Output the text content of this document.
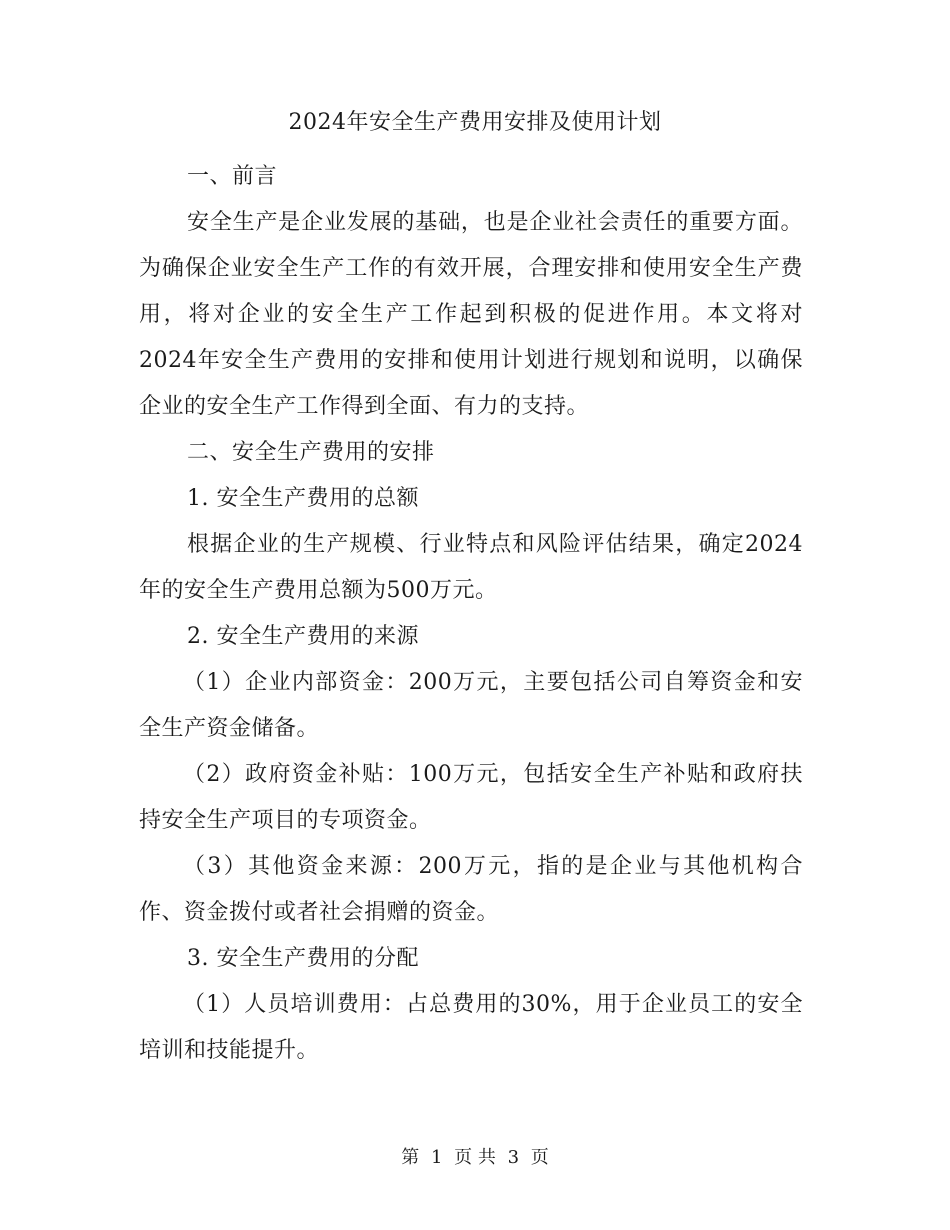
2024年安全生产费用安排及使用计划

一、前言

安全生产是企业发展的基础，也是企业社会责任的重要方面。为确保企业安全生产工作的有效开展，合理安排和使用安全生产费用，将对企业的安全生产工作起到积极的促进作用。本文将对2024年安全生产费用的安排和使用计划进行规划和说明，以确保企业的安全生产工作得到全面、有力的支持。

二、安全生产费用的安排

1. 安全生产费用的总额

根据企业的生产规模、行业特点和风险评估结果，确定2024年的安全生产费用总额为500万元。

2. 安全生产费用的来源

（1）企业内部资金：200万元，主要包括公司自筹资金和安全生产资金储备。

（2）政府资金补贴：100万元，包括安全生产补贴和政府扶持安全生产项目的专项资金。

（3）其他资金来源：200万元，指的是企业与其他机构合作、资金拨付或者社会捐赠的资金。

3. 安全生产费用的分配

（1）人员培训费用：占总费用的30%，用于企业员工的安全培训和技能提升。

第 1 页 共 3 页
